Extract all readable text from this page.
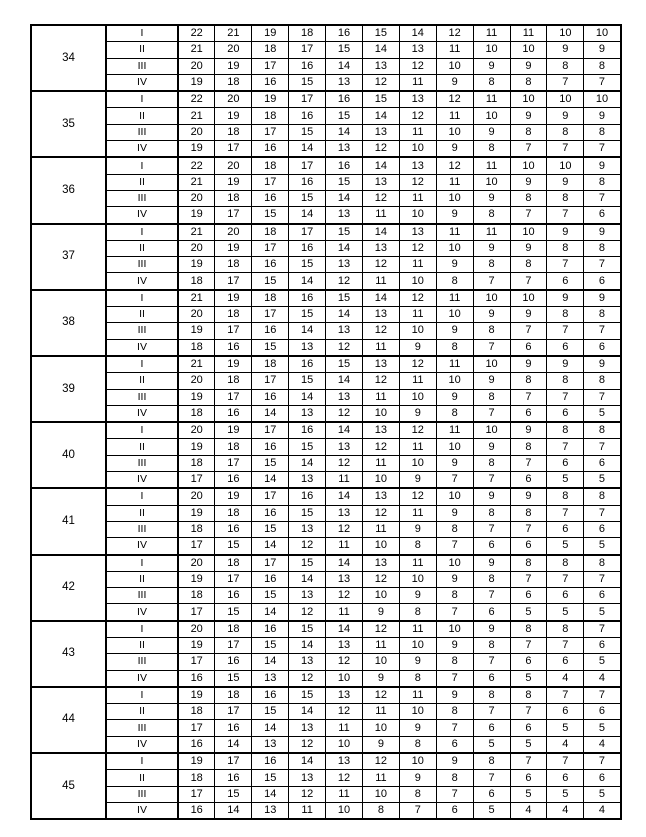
34	I	22	21	19	18	16	15	14	12	11	11	10	10
	II	21	20	18	17	15	14	13	11	10	10	9	9
	III	20	19	17	16	14	13	12	10	9	9	8	8
	IV	19	18	16	15	13	12	11	9	8	8	7	7
35	I	22	20	19	17	16	15	13	12	11	10	10	10
	II	21	19	18	16	15	14	12	11	10	9	9	9
	III	20	18	17	15	14	13	11	10	9	8	8	8
	IV	19	17	16	14	13	12	10	9	8	7	7	7
36	I	22	20	18	17	16	14	13	12	11	10	10	9
	II	21	19	17	16	15	13	12	11	10	9	9	8
	III	20	18	16	15	14	12	11	10	9	8	8	7
	IV	19	17	15	14	13	11	10	9	8	7	7	6
37	I	21	20	18	17	15	14	13	11	11	10	9	9
	II	20	19	17	16	14	13	12	10	9	9	8	8
	III	19	18	16	15	13	12	11	9	8	8	7	7
	IV	18	17	15	14	12	11	10	8	7	7	6	6
38	I	21	19	18	16	15	14	12	11	10	10	9	9
	II	20	18	17	15	14	13	11	10	9	9	8	8
	III	19	17	16	14	13	12	10	9	8	7	7	7
	IV	18	16	15	13	12	11	9	8	7	6	6	6
39	I	21	19	18	16	15	13	12	11	10	9	9	9
	II	20	18	17	15	14	12	11	10	9	8	8	8
	III	19	17	16	14	13	11	10	9	8	7	7	7
	IV	18	16	14	13	12	10	9	8	7	6	6	5
40	I	20	19	17	16	14	13	12	11	10	9	8	8
	II	19	18	16	15	13	12	11	10	9	8	7	7
	III	18	17	15	14	12	11	10	9	8	7	6	6
	IV	17	16	14	13	11	10	9	7	7	6	5	5
41	I	20	19	17	16	14	13	12	10	9	9	8	8
	II	19	18	16	15	13	12	11	9	8	8	7	7
	III	18	16	15	13	12	11	9	8	7	7	6	6
	IV	17	15	14	12	11	10	8	7	6	6	5	5
42	I	20	18	17	15	14	13	11	10	9	8	8	8
	II	19	17	16	14	13	12	10	9	8	7	7	7
	III	18	16	15	13	12	10	9	8	7	6	6	6
	IV	17	15	14	12	11	9	8	7	6	5	5	5
43	I	20	18	16	15	14	12	11	10	9	8	8	7
	II	19	17	15	14	13	11	10	9	8	7	7	6
	III	17	16	14	13	12	10	9	8	7	6	6	5
	IV	16	15	13	12	10	9	8	7	6	5	4	4
44	I	19	18	16	15	13	12	11	9	8	8	7	7
	II	18	17	15	14	12	11	10	8	7	7	6	6
	III	17	16	14	13	11	10	9	7	6	6	5	5
	IV	16	14	13	12	10	9	8	6	5	5	4	4
45	I	19	17	16	14	13	12	10	9	8	7	7	7
	II	18	16	15	13	12	11	9	8	7	6	6	6
	III	17	15	14	12	11	10	8	7	6	5	5	5
	IV	16	14	13	11	10	8	7	6	5	4	4	4
